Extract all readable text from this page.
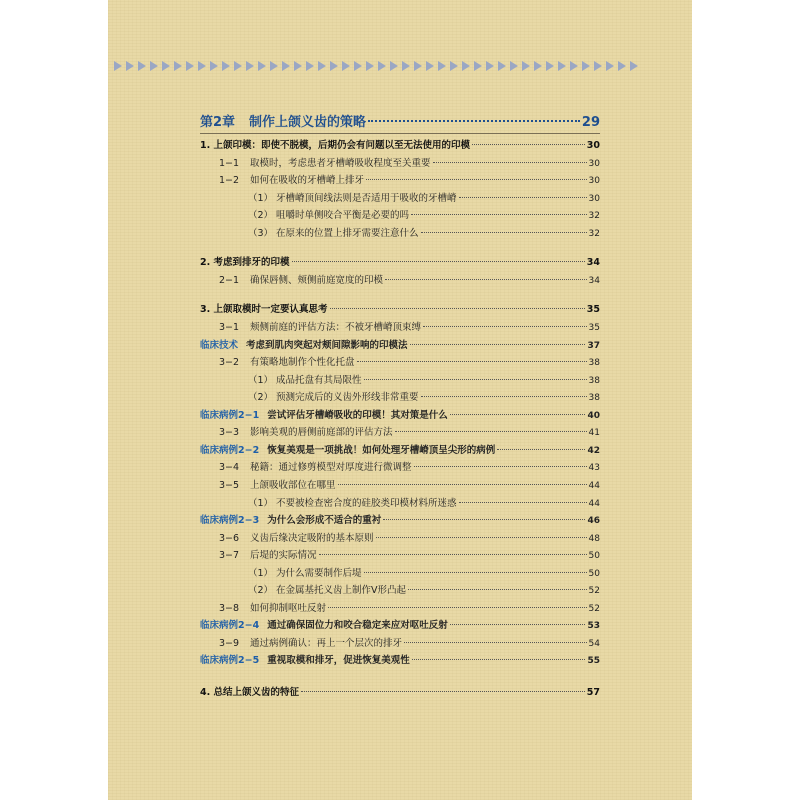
第2章 制作上颌义齿的策略	29
1. 上颌印模：即使不脱模，后期仍会有问题以至无法使用的印模	30
1−1	取模时，考虑患者牙槽嵴吸收程度至关重要	30
1−2	如何在吸收的牙槽嵴上排牙	30
（1） 牙槽嵴顶间线法则是否适用于吸收的牙槽嵴	30
（2） 咀嚼时单侧咬合平衡是必要的吗	32
（3） 在原来的位置上排牙需要注意什么	32
2. 考虑到排牙的印模	34
2−1	确保唇侧、颊侧前庭宽度的印模	34
3. 上颌取模时一定要认真思考	35
3−1	颊侧前庭的评估方法：不被牙槽嵴顶束缚	35
临床技术 考虑到肌肉突起对颊间隙影响的印模法	37
3−2	有策略地制作个性化托盘	38
（1） 成品托盘有其局限性	38
（2） 预测完成后的义齿外形线非常重要	38
临床病例2−1 尝试评估牙槽嵴吸收的印模！其对策是什么	40
3−3	影响美观的唇侧前庭部的评估方法	41
临床病例2−2 恢复美观是一项挑战！如何处理牙槽嵴顶呈尖形的病例	42
3−4	秘籍：通过修剪模型对厚度进行微调整	43
3−5	上颌吸收部位在哪里	44
（1） 不要被检查密合度的硅胶类印模材料所迷惑	44
临床病例2−3 为什么会形成不适合的重衬	46
3−6	义齿后缘决定吸附的基本原则	48
3−7	后堤的实际情况	50
（1） 为什么需要制作后堤	50
（2） 在金属基托义齿上制作V形凸起	52
3−8	如何抑制呕吐反射	52
临床病例2−4 通过确保固位力和咬合稳定来应对呕吐反射	53
3−9	通过病例确认：再上一个层次的排牙	54
临床病例2−5 重视取模和排牙，促进恢复美观性	55
4. 总结上颌义齿的特征	57
